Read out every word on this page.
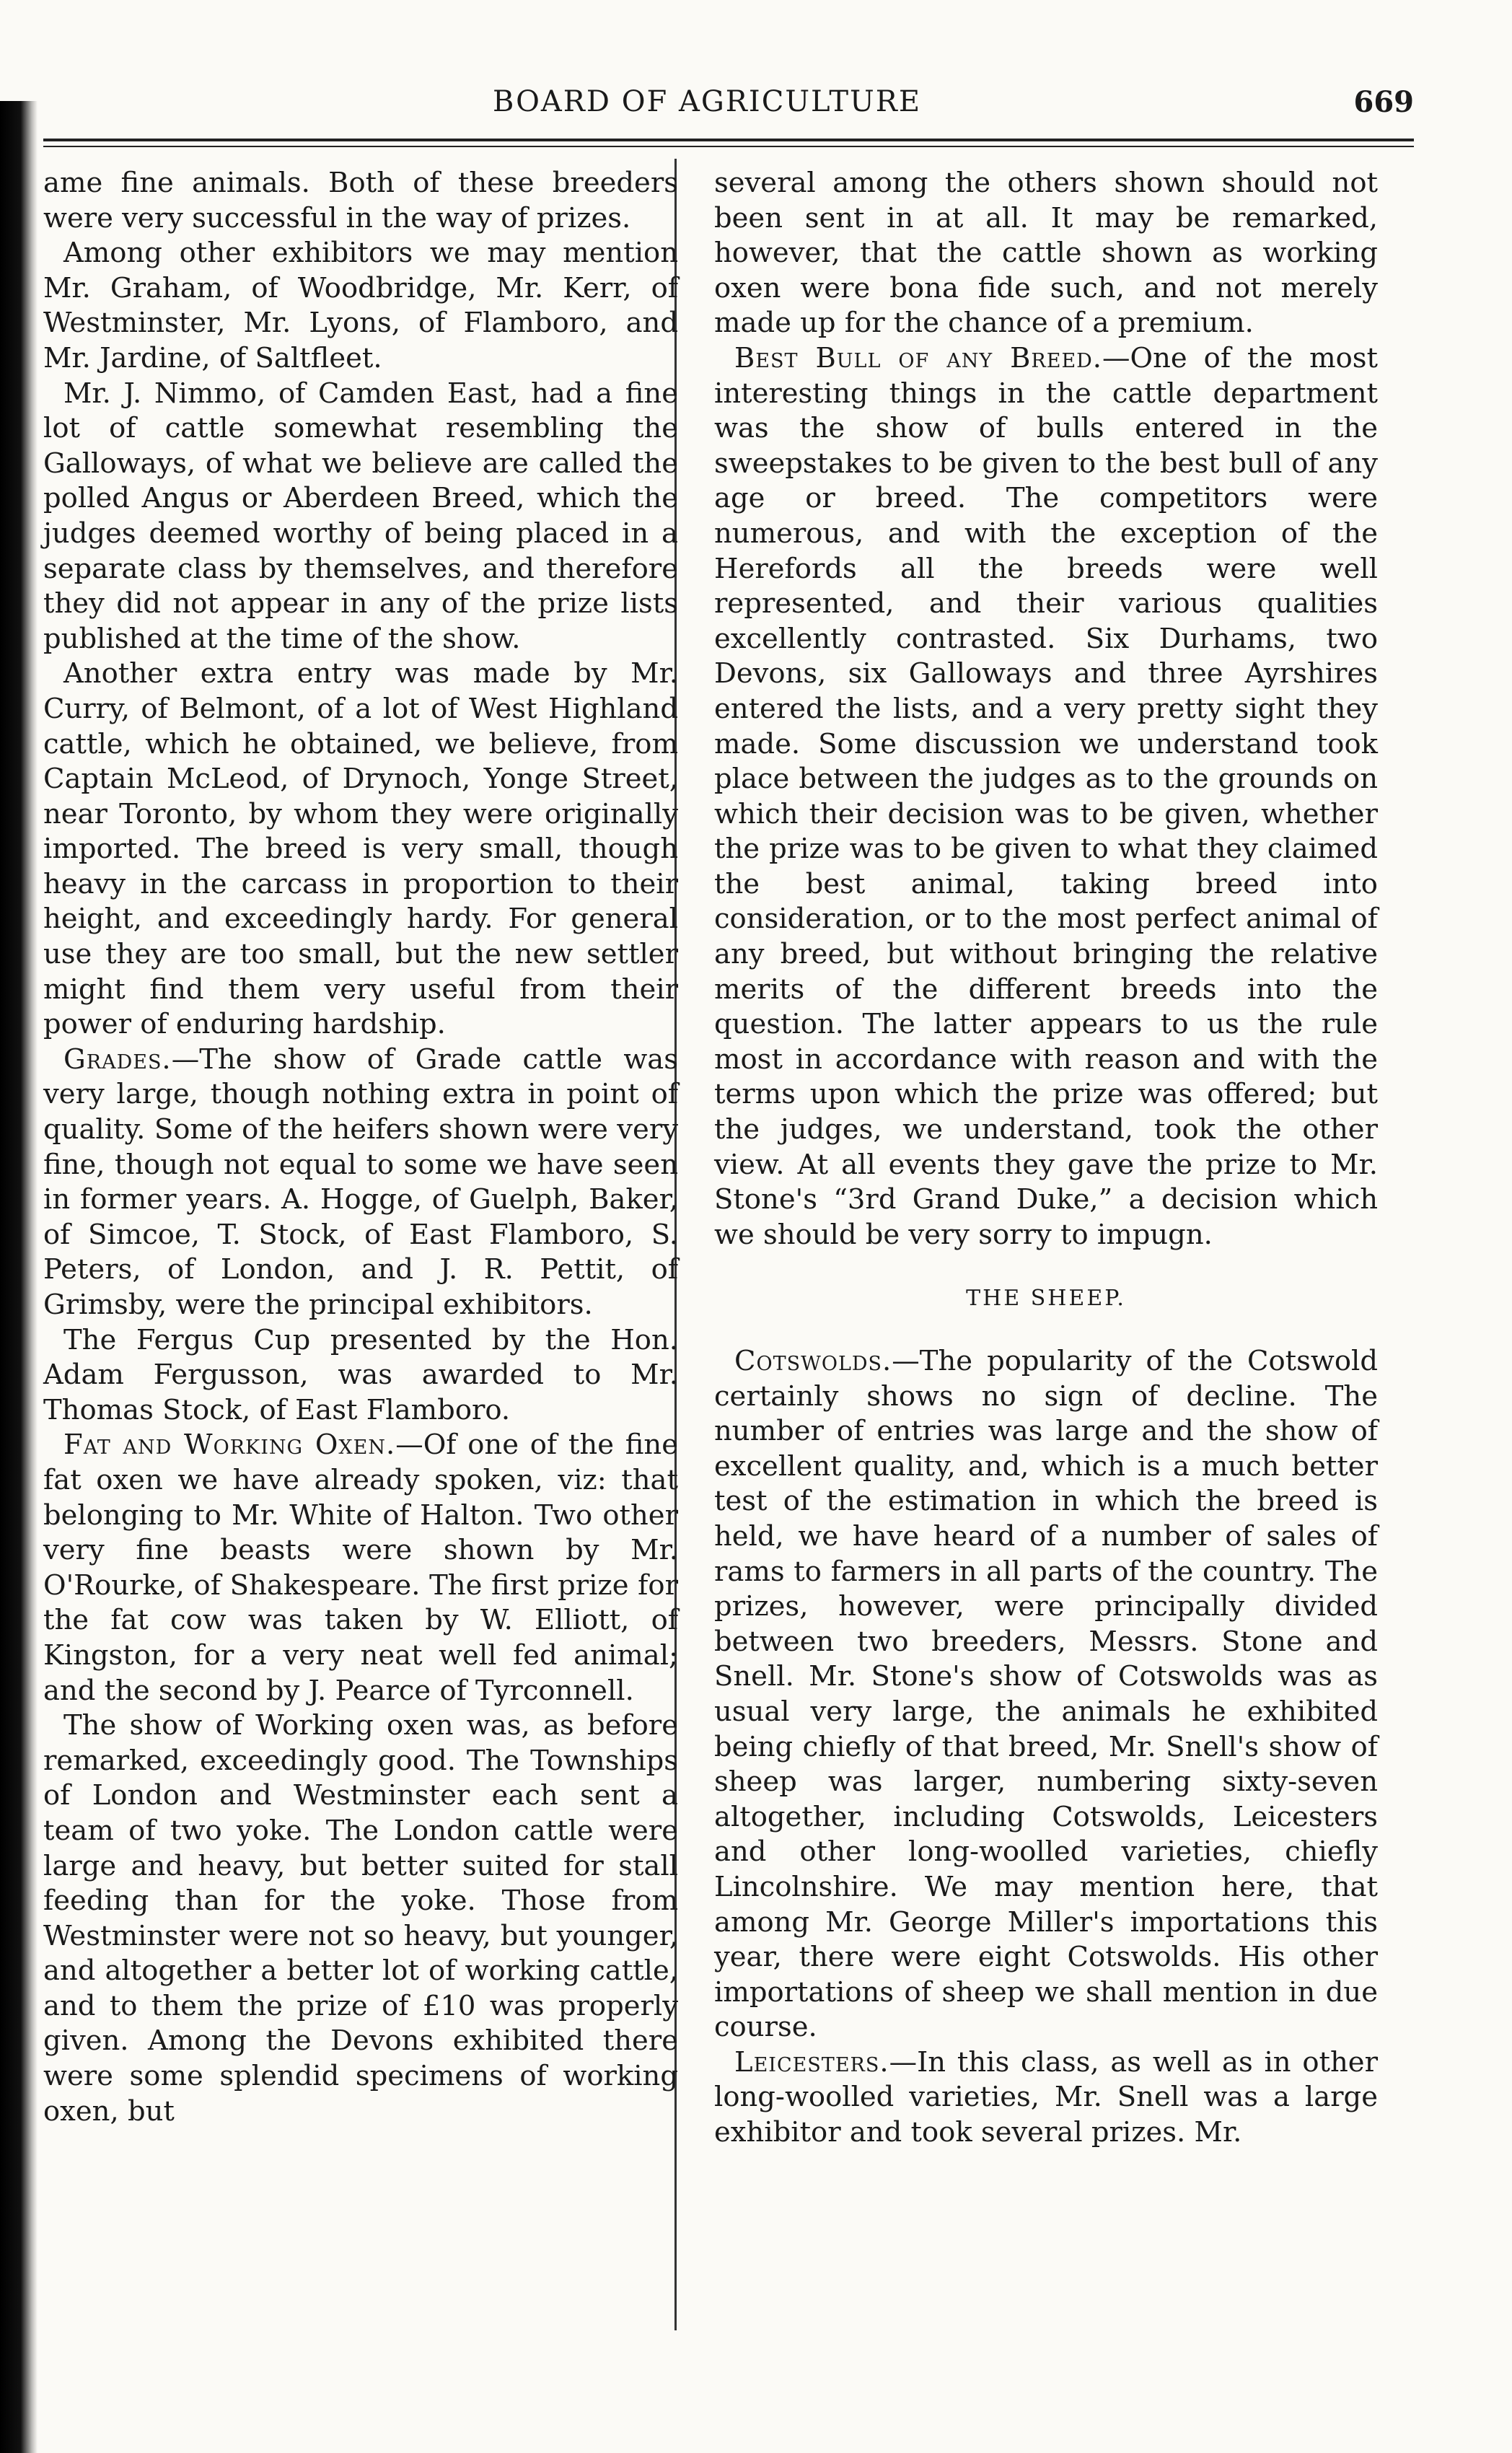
BOARD OF AGRICULTURE	669

ame fine animals. Both of these breeders were very successful in the way of prizes.

Among other exhibitors we may mention Mr. Graham, of Woodbridge, Mr. Kerr, of Westminster, Mr. Lyons, of Flamboro, and Mr. Jardine, of Saltfleet.

Mr. J. Nimmo, of Camden East, had a fine lot of cattle somewhat resembling the Galloways, of what we believe are called the polled Angus or Aberdeen Breed, which the judges deemed worthy of being placed in a separate class by themselves, and therefore they did not appear in any of the prize lists published at the time of the show.

Another extra entry was made by Mr. Curry, of Belmont, of a lot of West Highland cattle, which he obtained, we believe, from Captain McLeod, of Drynoch, Yonge Street, near Toronto, by whom they were originally imported. The breed is very small, though heavy in the carcass in proportion to their height, and exceedingly hardy. For general use they are too small, but the new settler might find them very useful from their power of enduring hardship.

Grades.—The show of Grade cattle was very large, though nothing extra in point of quality. Some of the heifers shown were very fine, though not equal to some we have seen in former years. A. Hogge, of Guelph, Baker, of Simcoe, T. Stock, of East Flamboro, S. Peters, of London, and J. R. Pettit, of Grimsby, were the principal exhibitors.

The Fergus Cup presented by the Hon. Adam Fergusson, was awarded to Mr. Thomas Stock, of East Flamboro.

Fat and Working Oxen.—Of one of the fine fat oxen we have already spoken, viz: that belonging to Mr. White of Halton. Two other very fine beasts were shown by Mr. O'Rourke, of Shakespeare. The first prize for the fat cow was taken by W. Elliott, of Kingston, for a very neat well fed animal; and the second by J. Pearce of Tyrconnell.

The show of Working oxen was, as before remarked, exceedingly good. The Townships of London and Westminster each sent a team of two yoke. The London cattle were large and heavy, but better suited for stall feeding than for the yoke. Those from Westminster were not so heavy, but younger, and altogether a better lot of working cattle, and to them the prize of £10 was properly given. Among the Devons exhibited there were some splendid specimens of working oxen, but

several among the others shown should not been sent in at all. It may be remarked, however, that the cattle shown as working oxen were bona fide such, and not merely made up for the chance of a premium.

Best Bull of any Breed.—One of the most interesting things in the cattle department was the show of bulls entered in the sweepstakes to be given to the best bull of any age or breed. The competitors were numerous, and with the exception of the Herefords all the breeds were well represented, and their various qualities excellently contrasted. Six Durhams, two Devons, six Galloways and three Ayrshires entered the lists, and a very pretty sight they made. Some discussion we understand took place between the judges as to the grounds on which their decision was to be given, whether the prize was to be given to what they claimed the best animal, taking breed into consideration, or to the most perfect animal of any breed, but without bringing the relative merits of the different breeds into the question. The latter appears to us the rule most in accordance with reason and with the terms upon which the prize was offered; but the judges, we understand, took the other view. At all events they gave the prize to Mr. Stone's “3rd Grand Duke,” a decision which we should be very sorry to impugn.

THE SHEEP.

Cotswolds.—The popularity of the Cotswold certainly shows no sign of decline. The number of entries was large and the show of excellent quality, and, which is a much better test of the estimation in which the breed is held, we have heard of a number of sales of rams to farmers in all parts of the country. The prizes, however, were principally divided between two breeders, Messrs. Stone and Snell. Mr. Stone's show of Cotswolds was as usual very large, the animals he exhibited being chiefly of that breed, Mr. Snell's show of sheep was larger, numbering sixty-seven altogether, including Cotswolds, Leicesters and other long-woolled varieties, chiefly Lincolnshire. We may mention here, that among Mr. George Miller's importations this year, there were eight Cotswolds. His other importations of sheep we shall mention in due course.

Leicesters.—In this class, as well as in other long-woolled varieties, Mr. Snell was a large exhibitor and took several prizes. Mr.
